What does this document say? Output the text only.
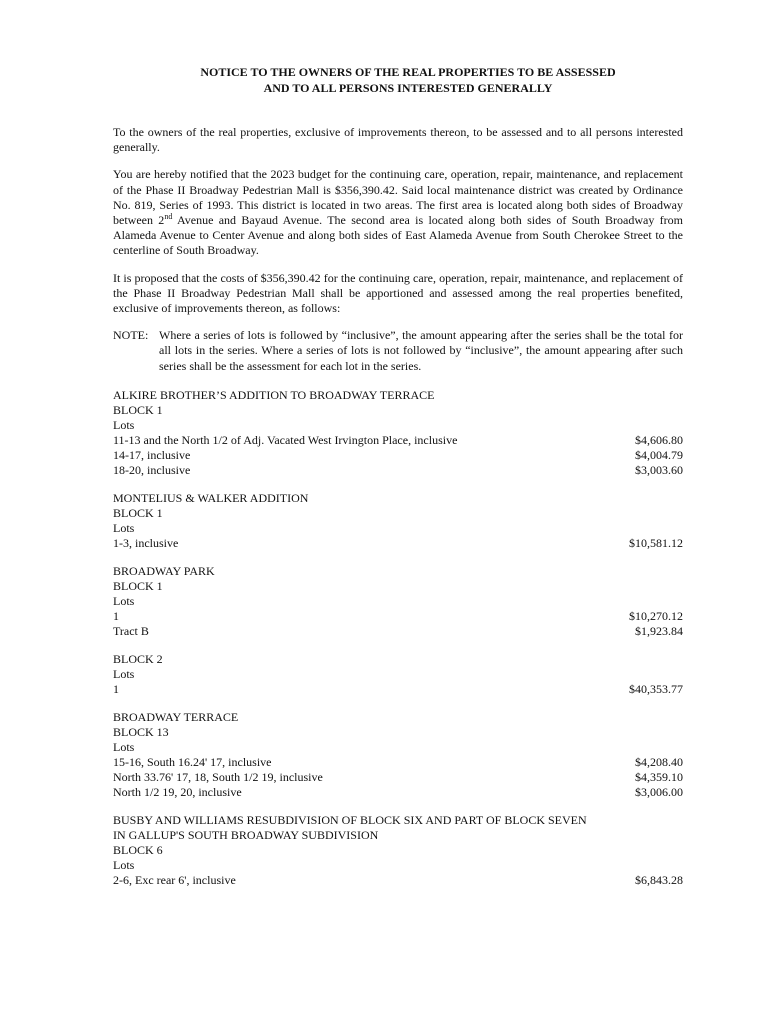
NOTICE TO THE OWNERS OF THE REAL PROPERTIES TO BE ASSESSED
AND TO ALL PERSONS INTERESTED GENERALLY

To the owners of the real properties, exclusive of improvements thereon, to be assessed and to all persons interested generally.

You are hereby notified that the 2023 budget for the continuing care, operation, repair, maintenance, and replacement of the Phase II Broadway Pedestrian Mall is $356,390.42. Said local maintenance district was created by Ordinance No. 819, Series of 1993. This district is located in two areas. The first area is located along both sides of Broadway between 2nd Avenue and Bayaud Avenue. The second area is located along both sides of South Broadway from Alameda Avenue to Center Avenue and along both sides of East Alameda Avenue from South Cherokee Street to the centerline of South Broadway.

It is proposed that the costs of $356,390.42 for the continuing care, operation, repair, maintenance, and replacement of the Phase II Broadway Pedestrian Mall shall be apportioned and assessed among the real properties benefited, exclusive of improvements thereon, as follows:

NOTE: Where a series of lots is followed by “inclusive”, the amount appearing after the series shall be the total for all lots in the series. Where a series of lots is not followed by “inclusive”, the amount appearing after such series shall be the assessment for each lot in the series.
ALKIRE BROTHER’S ADDITION TO BROADWAY TERRACE
BLOCK 1
Lots
11-13 and the North 1/2 of Adj. Vacated West Irvington Place, inclusive	$4,606.80
14-17, inclusive	$4,004.79
18-20, inclusive	$3,003.60
MONTELIUS & WALKER ADDITION
BLOCK 1
Lots
1-3, inclusive	$10,581.12
BROADWAY PARK
BLOCK 1
Lots
1	$10,270.12
Tract B	$1,923.84
BLOCK 2
Lots
1	$40,353.77
BROADWAY TERRACE
BLOCK 13
Lots
15-16, South 16.24' 17, inclusive	$4,208.40
North 33.76' 17, 18, South 1/2 19, inclusive	$4,359.10
North 1/2 19, 20, inclusive	$3,006.00
BUSBY AND WILLIAMS RESUBDIVISION OF BLOCK SIX AND PART OF BLOCK SEVEN
IN GALLUP'S SOUTH BROADWAY SUBDIVISION
BLOCK 6
Lots
2-6, Exc rear 6', inclusive	$6,843.28
